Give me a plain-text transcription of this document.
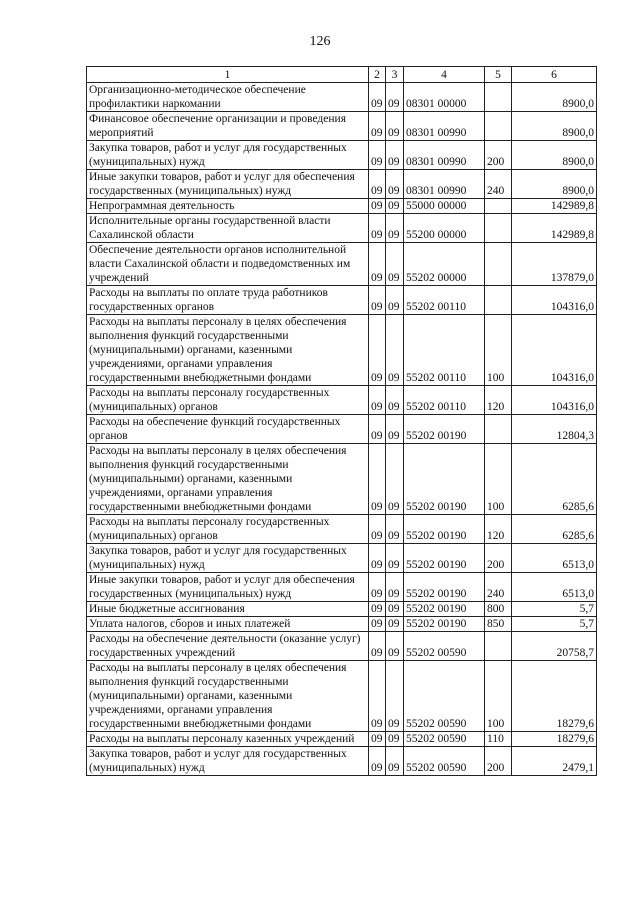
126
1	2	3	4	5	6
Организационно-методическое обеспечение профилактики наркомании	09	09	08301 00000		8900,0
Финансовое обеспечение организации и проведения мероприятий	09	09	08301 00990		8900,0
Закупка товаров, работ и услуг для государственных (муниципальных) нужд	09	09	08301 00990	200	8900,0
Иные закупки товаров, работ и услуг для обеспечения государственных (муниципальных) нужд	09	09	08301 00990	240	8900,0
Непрограммная деятельность	09	09	55000 00000		142989,8
Исполнительные органы государственной власти Сахалинской области	09	09	55200 00000		142989,8
Обеспечение деятельности органов исполнительной власти Сахалинской области и подведомственных им учреждений	09	09	55202 00000		137879,0
Расходы на выплаты по оплате труда работников государственных органов	09	09	55202 00110		104316,0
Расходы на выплаты персоналу в целях обеспечения выполнения функций государственными (муниципальными) органами, казенными учреждениями, органами управления государственными внебюджетными фондами	09	09	55202 00110	100	104316,0
Расходы на выплаты персоналу государственных (муниципальных) органов	09	09	55202 00110	120	104316,0
Расходы на обеспечение функций государственных органов	09	09	55202 00190		12804,3
Расходы на выплаты персоналу в целях обеспечения выполнения функций государственными (муниципальными) органами, казенными учреждениями, органами управления государственными внебюджетными фондами	09	09	55202 00190	100	6285,6
Расходы на выплаты персоналу государственных (муниципальных) органов	09	09	55202 00190	120	6285,6
Закупка товаров, работ и услуг для государственных (муниципальных) нужд	09	09	55202 00190	200	6513,0
Иные закупки товаров, работ и услуг для обеспечения государственных (муниципальных) нужд	09	09	55202 00190	240	6513,0
Иные бюджетные ассигнования	09	09	55202 00190	800	5,7
Уплата налогов, сборов и иных платежей	09	09	55202 00190	850	5,7
Расходы на обеспечение деятельности (оказание услуг) государственных учреждений	09	09	55202 00590		20758,7
Расходы на выплаты персоналу в целях обеспечения выполнения функций государственными (муниципальными) органами, казенными учреждениями, органами управления государственными внебюджетными фондами	09	09	55202 00590	100	18279,6
Расходы на выплаты персоналу казенных учреждений	09	09	55202 00590	110	18279,6
Закупка товаров, работ и услуг для государственных (муниципальных) нужд	09	09	55202 00590	200	2479,1
